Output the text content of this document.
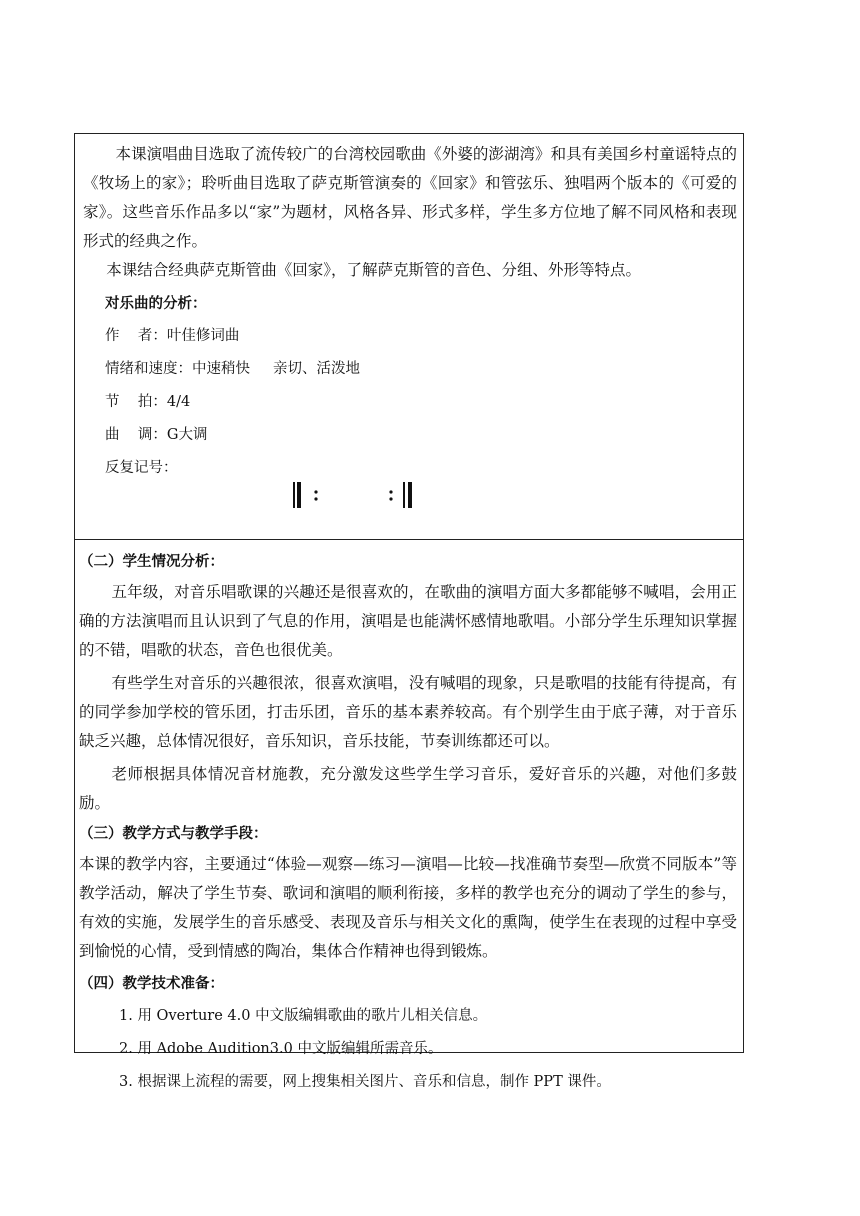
本课演唱曲目选取了流传较广的台湾校园歌曲《外婆的澎湖湾》和具有美国乡村童谣特点的《牧场上的家》；聆听曲目选取了萨克斯管演奏的《回家》和管弦乐、独唱两个版本的《可爱的家》。这些音乐作品多以“家”为题材，风格各异、形式多样，学生多方位地了解不同风格和表现形式的经典之作。

本课结合经典萨克斯管曲《回家》，了解萨克斯管的音色、分组、外形等特点。

对乐曲的分析：

作    者：叶佳修词曲

情绪和速度：中速稍快     亲切、活泼地

节    拍：4/4

曲    调：G大调

反复记号：

（二）学生情况分析：

五年级，对音乐唱歌课的兴趣还是很喜欢的，在歌曲的演唱方面大多都能够不喊唱，会用正确的方法演唱而且认识到了气息的作用，演唱是也能满怀感情地歌唱。小部分学生乐理知识掌握的不错，唱歌的状态，音色也很优美。

有些学生对音乐的兴趣很浓，很喜欢演唱，没有喊唱的现象，只是歌唱的技能有待提高，有的同学参加学校的管乐团，打击乐团，音乐的基本素养较高。有个别学生由于底子薄，对于音乐缺乏兴趣，总体情况很好，音乐知识，音乐技能，节奏训练都还可以。

老师根据具体情况音材施教，充分激发这些学生学习音乐，爱好音乐的兴趣，对他们多鼓励。

（三）教学方式与教学手段：

本课的教学内容，主要通过“体验—观察—练习—演唱—比较—找准确节奏型—欣赏不同版本”等教学活动，解决了学生节奏、歌词和演唱的顺利衔接，多样的教学也充分的调动了学生的参与，有效的实施，发展学生的音乐感受、表现及音乐与相关文化的熏陶，使学生在表现的过程中享受到愉悦的心情，受到情感的陶冶，集体合作精神也得到锻炼。

（四）教学技术准备：

1. 用 Overture 4.0 中文版编辑歌曲的歌片儿相关信息。

2. 用 Adobe Audition3.0 中文版编辑所需音乐。

3. 根据课上流程的需要，网上搜集相关图片、音乐和信息，制作 PPT 课件。
